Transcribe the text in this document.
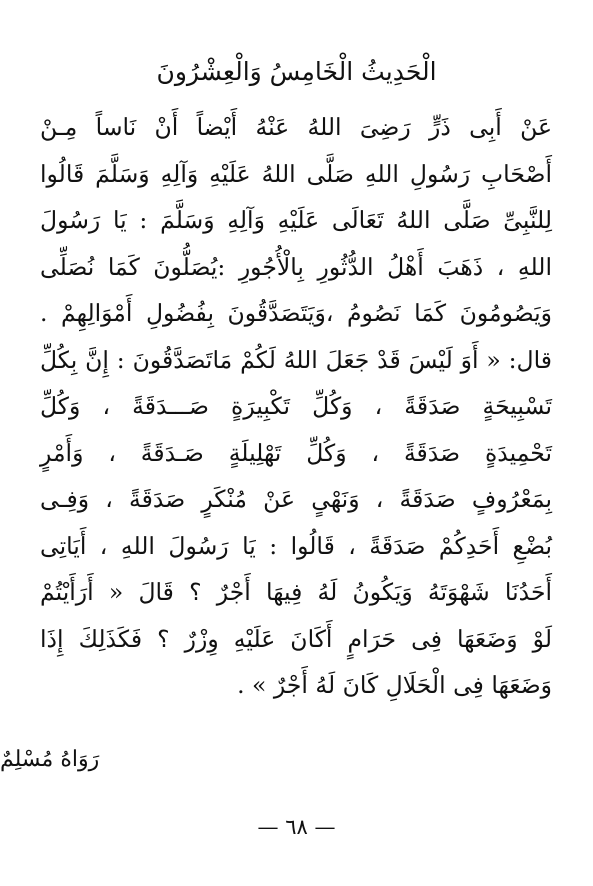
الْحَدِيثُ الْخَامِسُ وَالْعِشْرُونَ
عَنْ أَبِى ذَرٍّ رَضِىَ اللهُ عَنْهُ أَيْضاً أَنْ نَاساً مِـنْ
أَصْحَابِ رَسُولِ اللهِ صَلَّى اللهُ عَلَيْهِ وَآلِهِ وَسَلَّمَ قَالُوا
لِلنَّبِىِّ صَلَّى اللهُ تَعَالَى عَلَيْهِ وَآلِهِ وَسَلَّمَ : يَا رَسُولَ
اللهِ ، ذَهَبَ أَهْلُ الدُّثُورِ بِالْأُجُورِ :يُصَلُّونَ كَمَا نُصَلِّى
وَيَصُومُونَ كَمَا نَصُومُ ،وَيَتَصَدَّقُونَ بِفُضُولِ أَمْوَالِهِمْ .
قال: « أَوَ لَيْسَ قَدْ جَعَلَ اللهُ لَكُمْ مَاتَصَدَّقُونَ : إِنَّ بِكُلِّ
تَسْبِيحَةٍ صَدَقَةً ، وَكُلِّ تَكْبِيرَةٍ صَـــدَقَةً ، وَكُلِّ
تَحْمِيدَةٍ صَدَقَةً ، وَكُلِّ تَهْلِيلَةٍ صَـدَقَةً ، وَأَمْرٍ
بِمَعْرُوفٍ صَدَقَةً ، وَنَهْىٍ عَنْ مُنْكَرٍ صَدَقَةً ، وَفِـى
بُضْعِ أَحَدِكُمْ صَدَقَةً ، قَالُوا : يَا رَسُولَ اللهِ ، أَيَاتِى
أَحَدُنَا شَهْوَتَهُ وَيَكُونُ لَهُ فِيهَا أَجْرٌ ؟ قَالَ « أَرَأَيْتُمْ
لَوْ وَضَعَهَا فِى حَرَامٍ أَكَانَ عَلَيْهِ وِزْرٌ ؟ فَكَذَلِكَ إِذَا
وَضَعَهَا فِى الْحَلَالِ كَانَ لَهُ أَجْرٌ » .
رَوَاهُ مُسْلِمٌ
— ٦٨ —
